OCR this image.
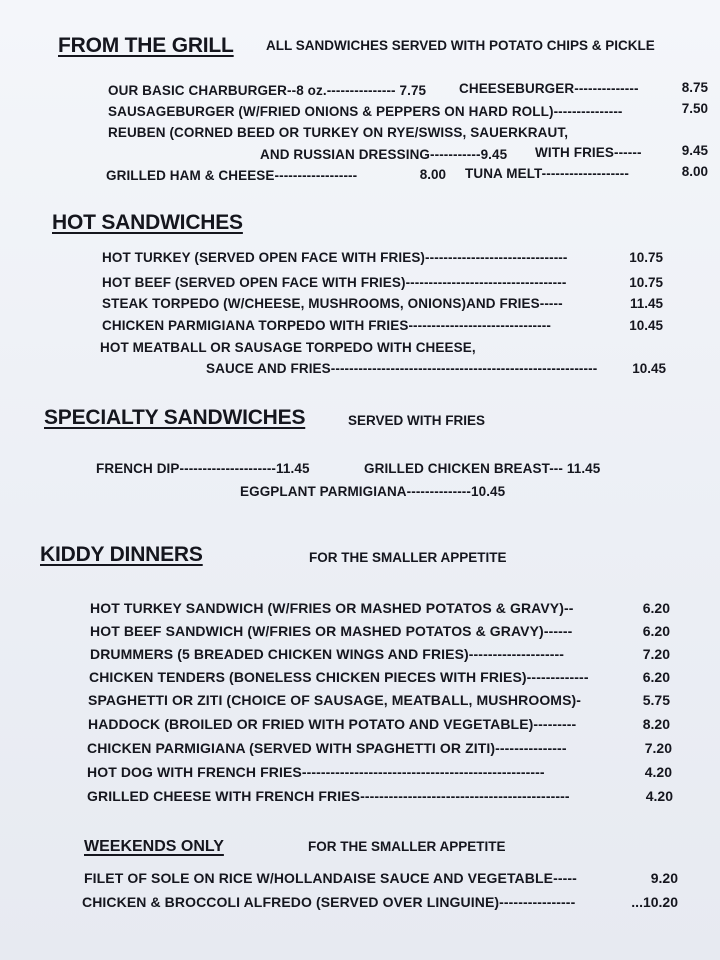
FROM THE GRILL ALL SANDWICHES SERVED WITH POTATO CHIPS & PICKLE
OUR BASIC CHARBURGER--8 oz.--------------- 7.75 CHEESEBURGER--------------	8.75
SAUSAGEBURGER (W/FRIED ONIONS & PEPPERS ON HARD ROLL)---------------	7.50
REUBEN (CORNED BEED OR TURKEY ON RYE/SWISS, SAUERKRAUT,
AND RUSSIAN DRESSING-----------9.45 WITH FRIES------	9.45
GRILLED HAM & CHEESE------------------	8.00 TUNA MELT-------------------	8.00
HOT SANDWICHES
HOT TURKEY (SERVED OPEN FACE WITH FRIES)-------------------------------	10.75
HOT BEEF (SERVED OPEN FACE WITH FRIES)-----------------------------------	10.75
STEAK TORPEDO (W/CHEESE, MUSHROOMS, ONIONS)AND FRIES-----	11.45
CHICKEN PARMIGIANA TORPEDO WITH FRIES-------------------------------	10.45
HOT MEATBALL OR SAUSAGE TORPEDO WITH CHEESE,
SAUCE AND FRIES----------------------------------------------------------	10.45
SPECIALTY SANDWICHES	SERVED WITH FRIES
FRENCH DIP---------------------11.45	GRILLED CHICKEN BREAST--- 11.45
EGGPLANT PARMIGIANA--------------10.45
KIDDY DINNERS	FOR THE SMALLER APPETITE
HOT TURKEY SANDWICH (W/FRIES OR MASHED POTATOS & GRAVY)--	6.20
HOT BEEF SANDWICH (W/FRIES OR MASHED POTATOS & GRAVY)------	6.20
DRUMMERS (5 BREADED CHICKEN WINGS AND FRIES)--------------------	7.20
CHICKEN TENDERS (BONELESS CHICKEN PIECES WITH FRIES)-------------	6.20
SPAGHETTI OR ZITI (CHOICE OF SAUSAGE, MEATBALL, MUSHROOMS)-	5.75
HADDOCK (BROILED OR FRIED WITH POTATO AND VEGETABLE)---------	8.20
CHICKEN PARMIGIANA (SERVED WITH SPAGHETTI OR ZITI)---------------	7.20
HOT DOG WITH FRENCH FRIES---------------------------------------------------	4.20
GRILLED CHEESE WITH FRENCH FRIES--------------------------------------------	4.20
WEEKENDS ONLY	FOR THE SMALLER APPETITE
FILET OF SOLE ON RICE W/HOLLANDAISE SAUCE AND VEGETABLE-----	9.20
CHICKEN & BROCCOLI ALFREDO (SERVED OVER LINGUINE)----------------	...10.20
